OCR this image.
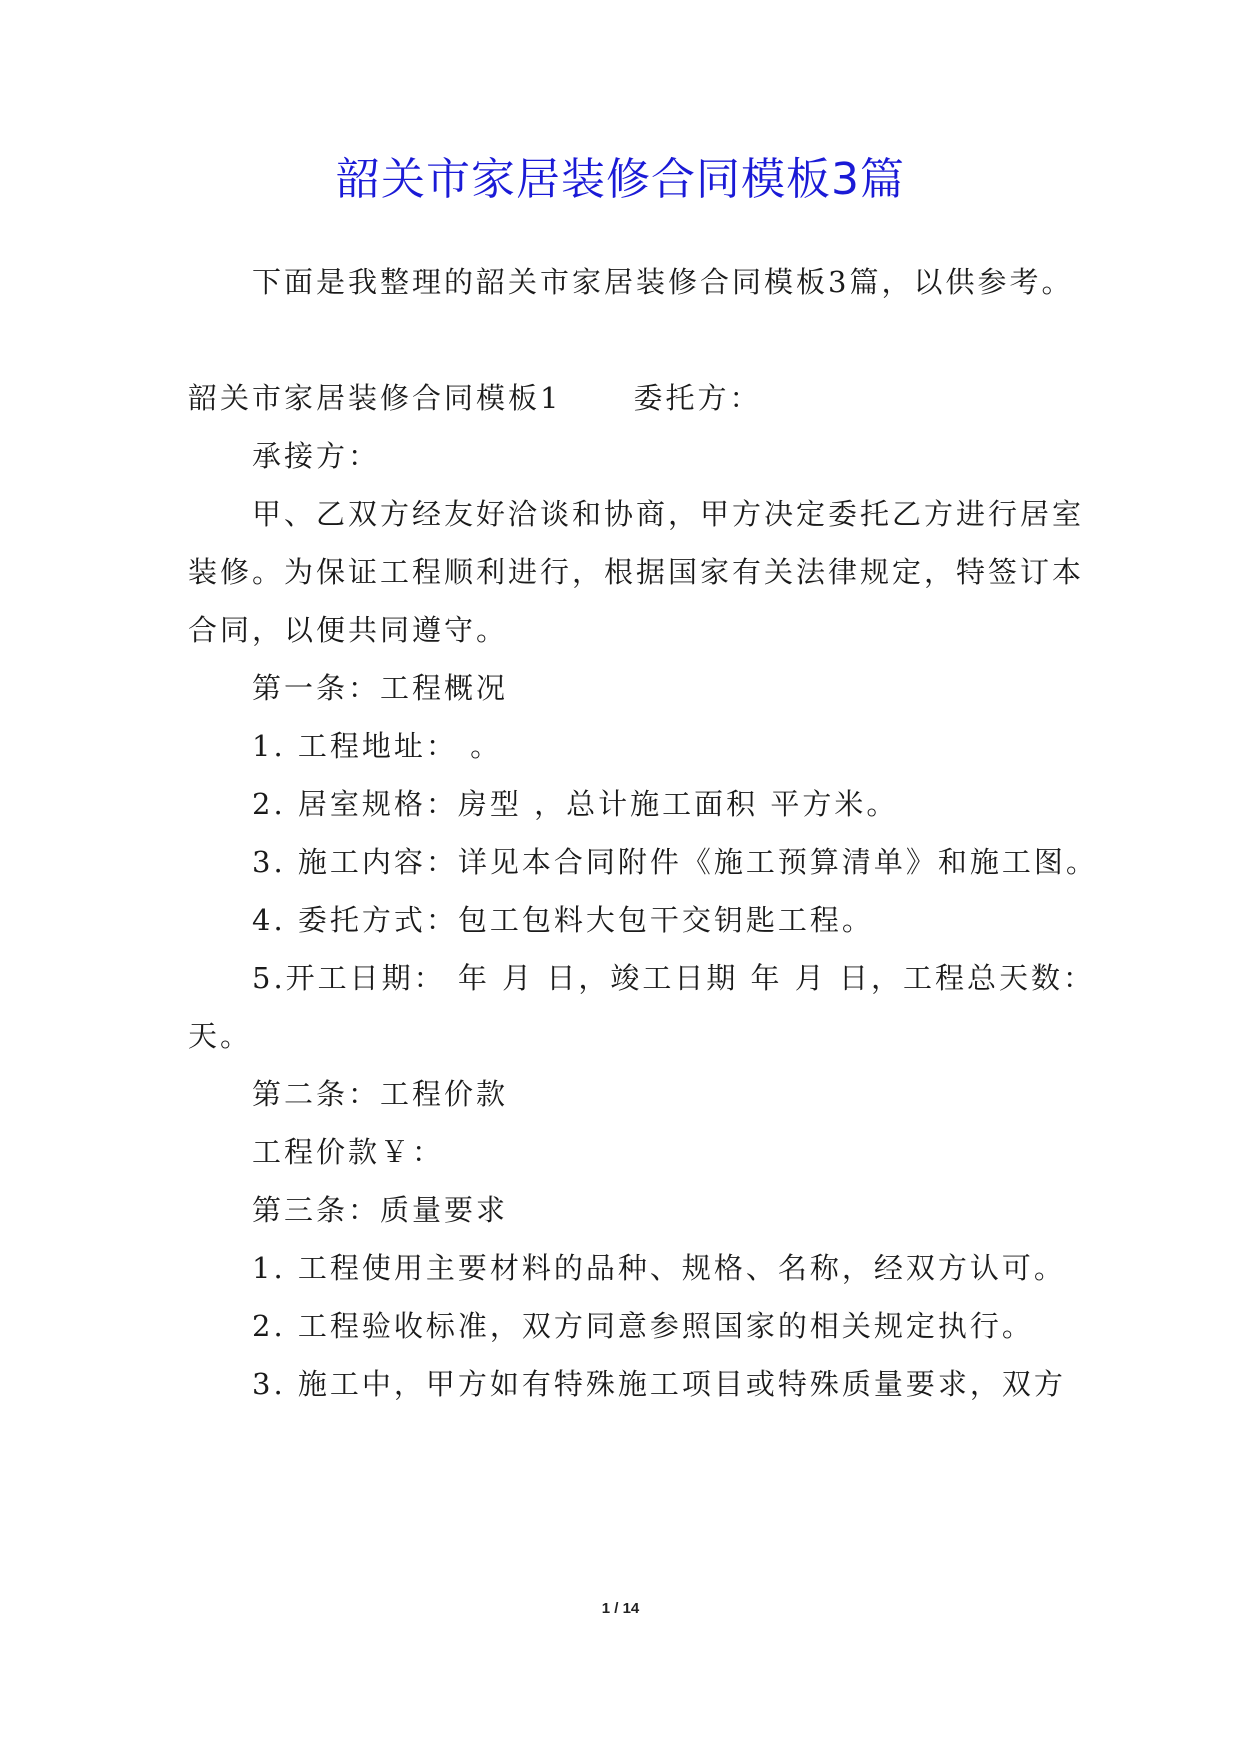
韶关市家居装修合同模板3篇
下面是我整理的韶关市家居装修合同模板3篇，以供参考。
韶关市家居装修合同模板1 委托方：
承接方：
甲、乙双方经友好洽谈和协商，甲方决定委托乙方进行居室
装修。为保证工程顺利进行，根据国家有关法律规定，特签订本
合同，以便共同遵守。
第一条：工程概况
1. 工程地址： 。
2. 居室规格：房型 ，总计施工面积 平方米。
3. 施工内容：详见本合同附件《施工预算清单》和施工图。
4. 委托方式：包工包料大包干交钥匙工程。
5.开工日期： 年 月 日，竣工日期 年 月 日，工程总天数：
天。
第二条：工程价款
工程价款￥：
第三条：质量要求
1. 工程使用主要材料的品种、规格、名称，经双方认可。
2. 工程验收标准，双方同意参照国家的相关规定执行。
3. 施工中，甲方如有特殊施工项目或特殊质量要求，双方
1 / 14
